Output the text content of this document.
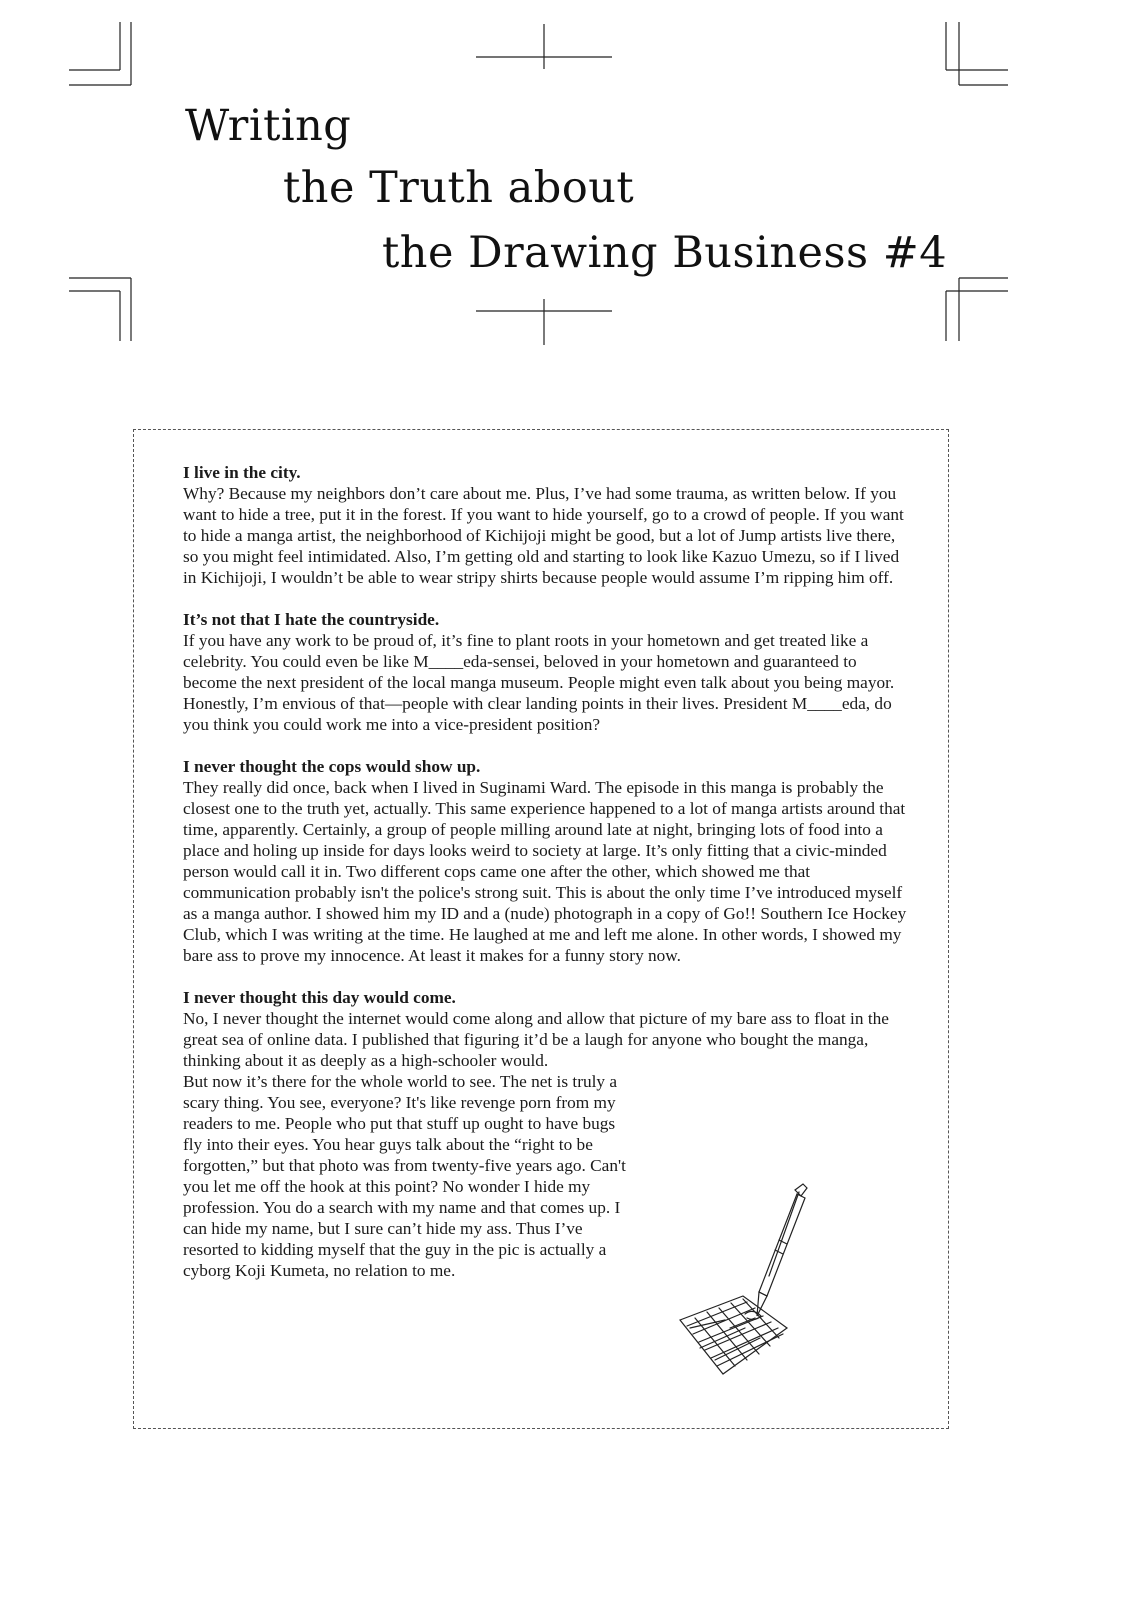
Writing
the Truth about
the Drawing Business #4

I live in the city.

Why? Because my neighbors don’t care about me. Plus, I’ve had some trauma, as written below. If you want to hide a tree, put it in the forest. If you want to hide yourself, go to a crowd of people. If you want to hide a manga artist, the neighborhood of Kichijoji might be good, but a lot of Jump artists live there, so you might feel intimidated. Also, I’m getting old and starting to look like Kazuo Umezu, so if I lived in Kichijoji, I wouldn’t be able to wear stripy shirts because people would assume I’m ripping him off.

It’s not that I hate the countryside.

If you have any work to be proud of, it’s fine to plant roots in your hometown and get treated like a celebrity. You could even be like M____eda-sensei, beloved in your hometown and guaranteed to become the next president of the local manga museum. People might even talk about you being mayor. Honestly, I’m envious of that—people with clear landing points in their lives. President M____eda, do you think you could work me into a vice-president position?

I never thought the cops would show up.

They really did once, back when I lived in Suginami Ward. The episode in this manga is probably the closest one to the truth yet, actually. This same experience happened to a lot of manga artists around that time, apparently. Certainly, a group of people milling around late at night, bringing lots of food into a place and holing up inside for days looks weird to society at large. It’s only fitting that a civic-minded person would call it in. Two different cops came one after the other, which showed me that communication probably isn't the police's strong suit. This is about the only time I’ve introduced myself as a manga author. I showed him my ID and a (nude) photograph in a copy of Go!! Southern Ice Hockey Club, which I was writing at the time. He laughed at me and left me alone. In other words, I showed my bare ass to prove my innocence. At least it makes for a funny story now.

I never thought this day would come.

No, I never thought the internet would come along and allow that picture of my bare ass to float in the great sea of online data. I published that figuring it’d be a laugh for anyone who bought the manga, thinking about it as deeply as a high-schooler would.

But now it’s there for the whole world to see. The net is truly a scary thing. You see, everyone? It's like revenge porn from my readers to me. People who put that stuff up ought to have bugs fly into their eyes. You hear guys talk about the “right to be forgotten,” but that photo was from twenty-five years ago. Can't you let me off the hook at this point? No wonder I hide my profession. You do a search with my name and that comes up. I can hide my name, but I sure can’t hide my ass. Thus I’ve resorted to kidding myself that the guy in the pic is actually a cyborg Koji Kumeta, no relation to me.
